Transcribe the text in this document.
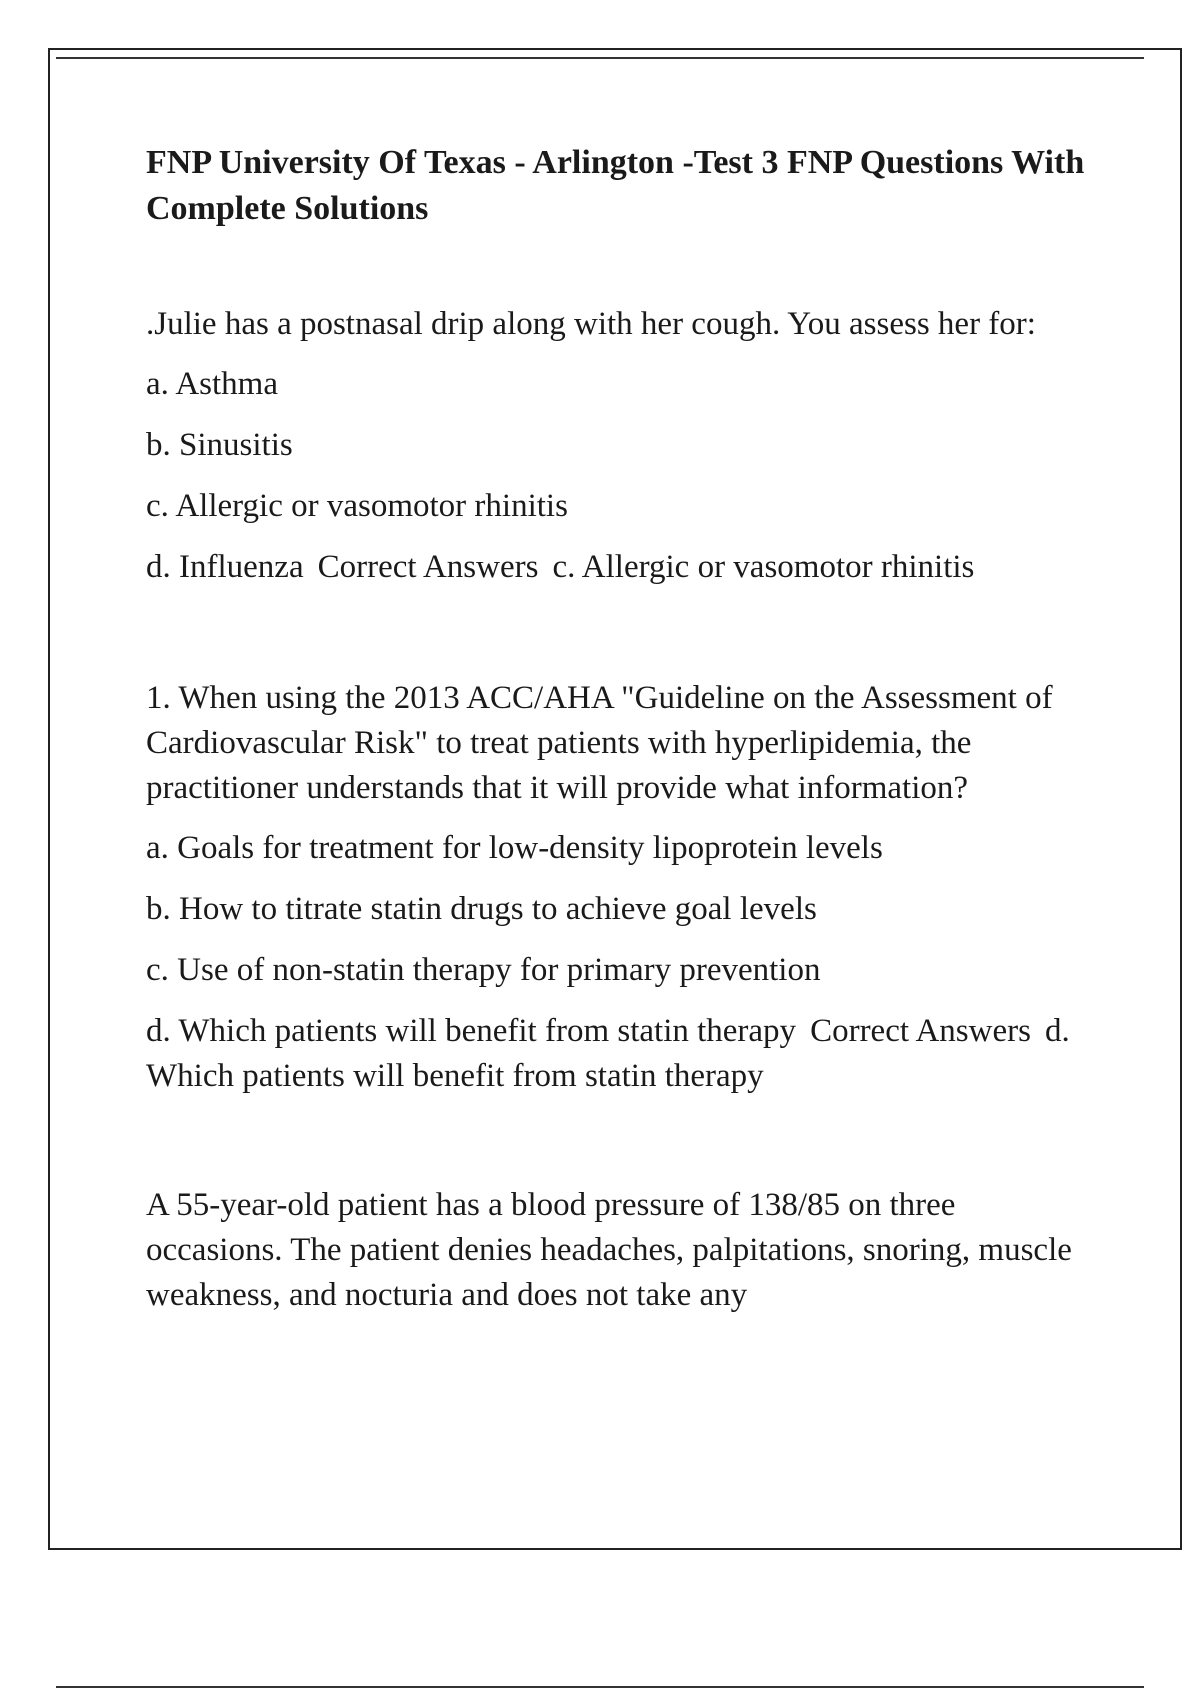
FNP University Of Texas - Arlington -Test 3 FNP Questions With Complete Solutions

.Julie has a postnasal drip along with her cough. You assess her for:

a. Asthma

b. Sinusitis

c. Allergic or vasomotor rhinitis

d. Influenza Correct Answers c. Allergic or vasomotor rhinitis

1. When using the 2013 ACC/AHA "Guideline on the Assessment of Cardiovascular Risk" to treat patients with hyperlipidemia, the practitioner understands that it will provide what information?

a. Goals for treatment for low-density lipoprotein levels

b. How to titrate statin drugs to achieve goal levels

c. Use of non-statin therapy for primary prevention

d. Which patients will benefit from statin therapy Correct Answers d. Which patients will benefit from statin therapy

A 55-year-old patient has a blood pressure of 138/85 on three occasions. The patient denies headaches, palpitations, snoring, muscle weakness, and nocturia and does not take any
